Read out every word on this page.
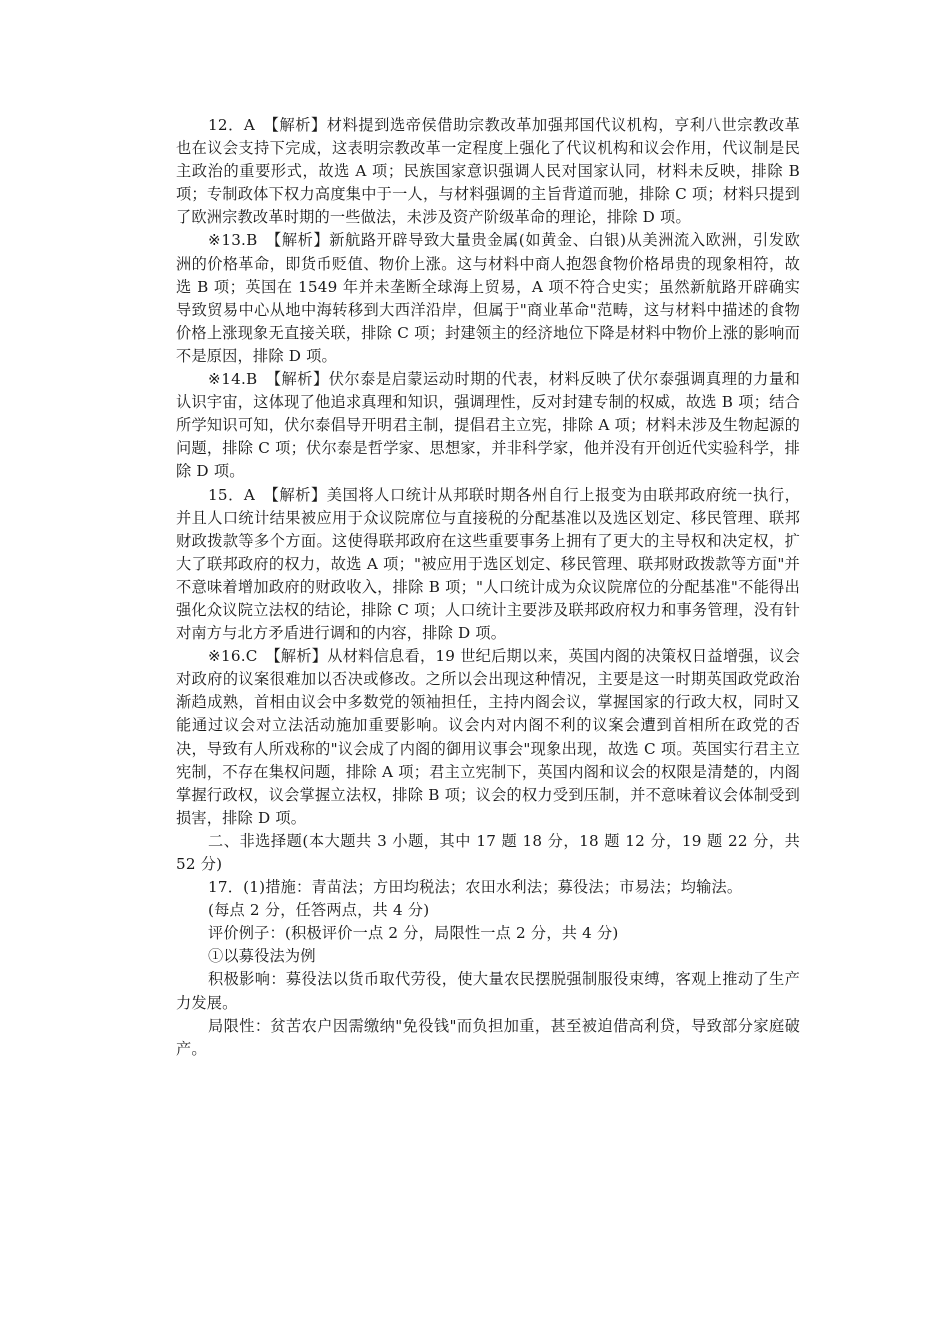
12．A　【解析】材料提到选帝侯借助宗教改革加强邦国代议机构，亨利八世宗教改革也在议会支持下完成，这表明宗教改革一定程度上强化了代议机构和议会作用，代议制是民主政治的重要形式，故选 A 项；民族国家意识强调人民对国家认同，材料未反映，排除 B 项；专制政体下权力高度集中于一人，与材料强调的主旨背道而驰，排除 C 项；材料只提到了欧洲宗教改革时期的一些做法，未涉及资产阶级革命的理论，排除 D 项。

※13.B　【解析】新航路开辟导致大量贵金属(如黄金、白银)从美洲流入欧洲，引发欧洲的价格革命，即货币贬值、物价上涨。这与材料中商人抱怨食物价格昂贵的现象相符，故选 B 项；英国在 1549 年并未垄断全球海上贸易，A 项不符合史实；虽然新航路开辟确实导致贸易中心从地中海转移到大西洋沿岸，但属于"商业革命"范畴，这与材料中描述的食物价格上涨现象无直接关联，排除 C 项；封建领主的经济地位下降是材料中物价上涨的影响而不是原因，排除 D 项。

※14.B　【解析】伏尔泰是启蒙运动时期的代表，材料反映了伏尔泰强调真理的力量和认识宇宙，这体现了他追求真理和知识，强调理性，反对封建专制的权威，故选 B 项；结合所学知识可知，伏尔泰倡导开明君主制，提倡君主立宪，排除 A 项；材料未涉及生物起源的问题，排除 C 项；伏尔泰是哲学家、思想家，并非科学家，他并没有开创近代实验科学，排除 D 项。

15．A　【解析】美国将人口统计从邦联时期各州自行上报变为由联邦政府统一执行，并且人口统计结果被应用于众议院席位与直接税的分配基准以及选区划定、移民管理、联邦财政拨款等多个方面。这使得联邦政府在这些重要事务上拥有了更大的主导权和决定权，扩大了联邦政府的权力，故选 A 项；"被应用于选区划定、移民管理、联邦财政拨款等方面"并不意味着增加政府的财政收入，排除 B 项；"人口统计成为众议院席位的分配基准"不能得出强化众议院立法权的结论，排除 C 项；人口统计主要涉及联邦政府权力和事务管理，没有针对南方与北方矛盾进行调和的内容，排除 D 项。

※16.C　【解析】从材料信息看，19 世纪后期以来，英国内阁的决策权日益增强，议会对政府的议案很难加以否决或修改。之所以会出现这种情况，主要是这一时期英国政党政治渐趋成熟，首相由议会中多数党的领袖担任，主持内阁会议，掌握国家的行政大权，同时又能通过议会对立法活动施加重要影响。议会内对内阁不利的议案会遭到首相所在政党的否决，导致有人所戏称的"议会成了内阁的御用议事会"现象出现，故选 C 项。英国实行君主立宪制，不存在集权问题，排除 A 项；君主立宪制下，英国内阁和议会的权限是清楚的，内阁掌握行政权，议会掌握立法权，排除 B 项；议会的权力受到压制，并不意味着议会体制受到损害，排除 D 项。

二、非选择题(本大题共 3 小题，其中 17 题 18 分，18 题 12 分，19 题 22 分，共 52 分)

17．(1)措施：青苗法；方田均税法；农田水利法；募役法；市易法；均输法。

(每点 2 分，任答两点，共 4 分)

评价例子：(积极评价一点 2 分，局限性一点 2 分，共 4 分)

①以募役法为例

积极影响：募役法以货币取代劳役，使大量农民摆脱强制服役束缚，客观上推动了生产力发展。

局限性：贫苦农户因需缴纳"免役钱"而负担加重，甚至被迫借高利贷，导致部分家庭破产。
